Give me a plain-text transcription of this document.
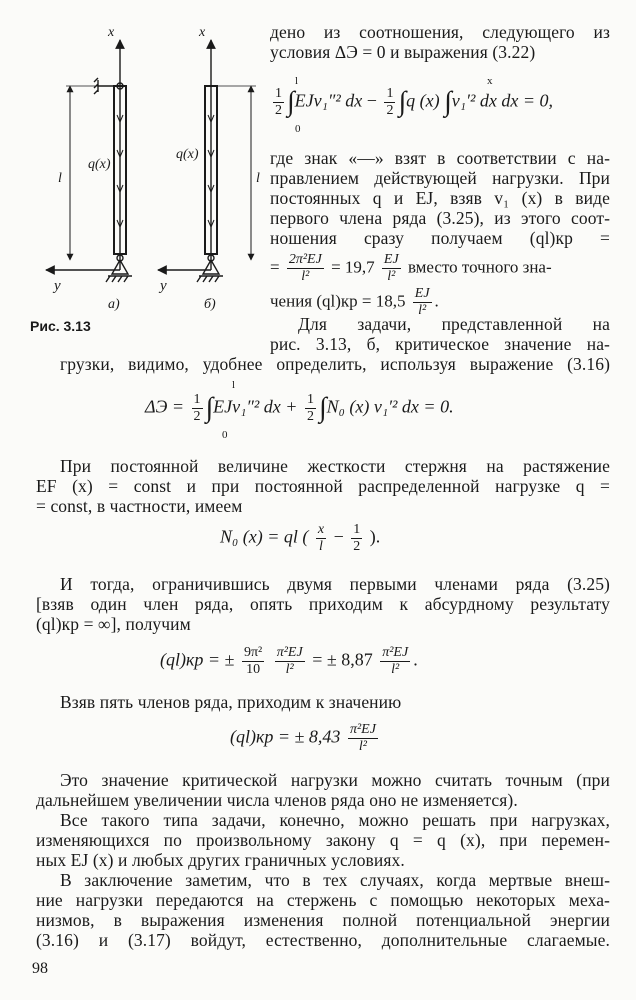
q(x)
l
x
y
а)
q(x)
l
x
y
б)
Рис. 3.13
дено из соотношения, следующего из
условия ΔЭ = 0 и выражения (3.22)
$\frac{1}{2} \int EJv_1''^2$ dx − $\frac{1}{2} \int q$ (x) ∫v₁′² dx dx = 0,
l
0
x
где знак «—» взят в соответствии с на-
правлением действующей нагрузки. При
постоянных q и EJ, взяв v₁ (x) в виде
первого члена ряда (3.25), из этого соот-
ношения сразу получаем (ql)кр =
= $\frac{\text{2π²EJ}}{\text{l²}} = 19,7 \frac{EJ}{\text{l²}}$ вместо точного зна-
чения $(ql)кр = 18,5 \frac{EJ}{\text{l²}}$ .
Для задачи, представленной на
рис. 3.13, б, критическое значение на-
грузки, видимо, удобнее определить, используя выражение (3.16)
$\Delta Э = \frac{1}{2} \int EJv_1''^2$ dx + $\frac{1}{2} \int N_0$ (x) v₁′² dx = 0.
l
0
При постоянной величине жесткости стержня на растяжение
EF (x) = const и при постоянной распределенной нагрузке q =
= const, в частности, имеем
N₀ (x) = ql ( $\frac{x}{l} - \frac{1}{2}$ ).
И тогда, ограничившись двумя первыми членами ряда (3.25)
[взяв один член ряда, опять приходим к абсурдному результату
(ql)кр = ∞], получим
(ql)кр = ± $\frac{\text{9π²}}{10}$
$\frac{\text{π²EJ}}{\text{l²}}$ = ± $8,87 \frac{\text{π²EJ}}{\text{l²}}$ .
Взяв пять членов ряда, приходим к значению
(ql)кр = ± $8,43 \frac{\text{π²EJ}}{\text{l²}}$
Это значение критической нагрузки можно считать точным (при
дальнейшем увеличении числа членов ряда оно не изменяется).
Все такого типа задачи, конечно, можно решать при нагрузках,
изменяющихся по произвольному закону q = q (x), при перемен-
ных EJ (x) и любых других граничных условиях.
В заключение заметим, что в тех случаях, когда мертвые внеш-
ние нагрузки передаются на стержень с помощью некоторых меха-
низмов, в выражения изменения полной потенциальной энергии
(3.16) и (3.17) войдут, естественно, дополнительные слагаемые.
98
